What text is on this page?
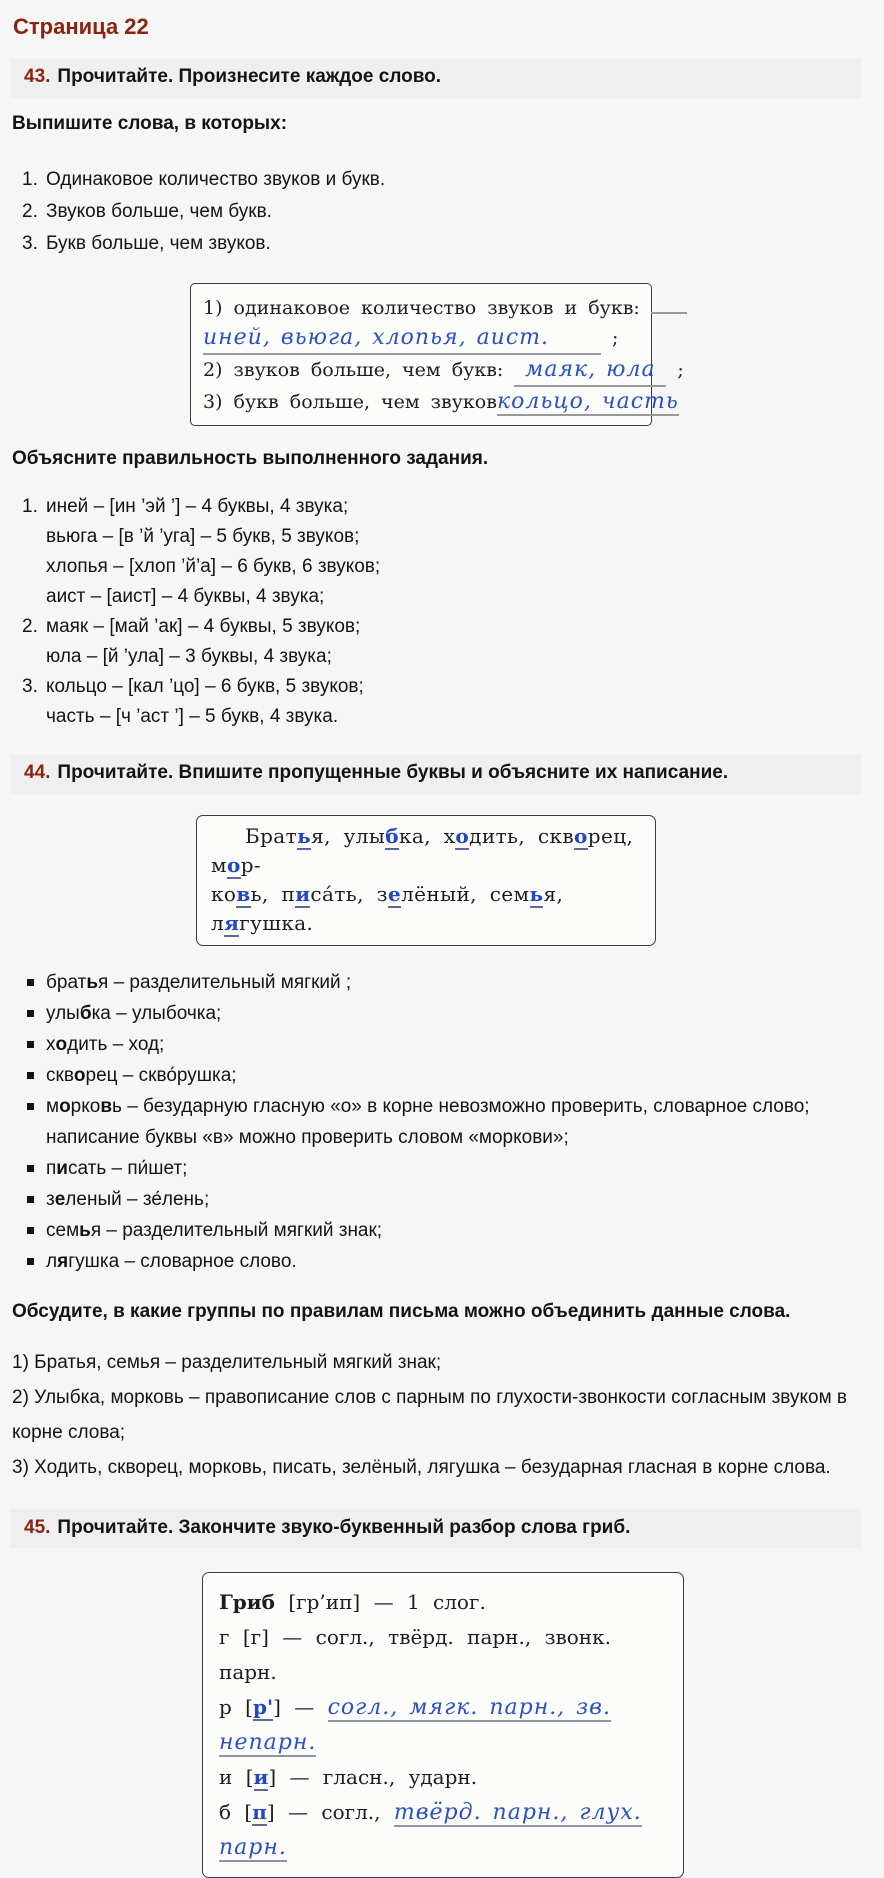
Страница 22
43. Прочитайте. Произнесите каждое слово.
Выпишите слова, в которых:
1. Одинаковое количество звуков и букв.
2. Звуков больше, чем букв.
3. Букв больше, чем звуков.
1) одинаковое количество звуков и букв:
иней, вьюга, хлопья, аист.	;
2) звуков больше, чем букв: маяк, юла ;
3) букв больше, чем звуковкольцо, часть
Объясните правильность выполненного задания.
1. иней – [ин ’эй ’] – 4 буквы, 4 звука;
вьюга – [в ’й ’уга] – 5 букв, 5 звуков;
хлопья – [хлоп ’й’а] – 6 букв, 6 звуков;
аист – [аист] – 4 буквы, 4 звука;
2. маяк – [май ’ак] – 4 буквы, 5 звуков;
юла – [й ’ула] – 3 буквы, 4 звука;
3. кольцо – [кал ’цо] – 6 букв, 5 звуков;
часть – [ч ’аст ’] – 5 букв, 4 звука.
44. Прочитайте. Впишите пропущенные буквы и объясните их написание.
Братья, улыбка, ходить, скворец, мор-
ковь, писа́ть, зелёный, семья, лягушка.
братья – разделительный мягкий ;
улыбка – улыбочка;
ходить – ход;
скворец – скво́рушка;
морковь – безударную гласную «о» в корне невозможно проверить, словарное слово; написание буквы «в» можно проверить словом «моркови»;
писать – пи́шет;
зеленый – зе́лень;
семья – разделительный мягкий знак;
лягушка – словарное слово.
Обсудите, в какие группы по правилам письма можно объединить данные слова.
1) Братья, семья – разделительный мягкий знак;
2) Улыбка, морковь – правописание слов с парным по глухости-звонкости согласным звуком в корне слова;
3) Ходить, скворец, морковь, писать, зелёный, лягушка – безударная гласная в корне слова.
45. Прочитайте. Закончите звуко-буквенный разбор слова гриб.
Гриб [гр’ип] — 1 слог.
г [г] — согл., твёрд. парн., звонк. парн.
р [р'] — согл., мягк. парн., зв. непарн.
и [и] — гласн., ударн.
б [п] — согл., твёрд. парн., глух. парн.
